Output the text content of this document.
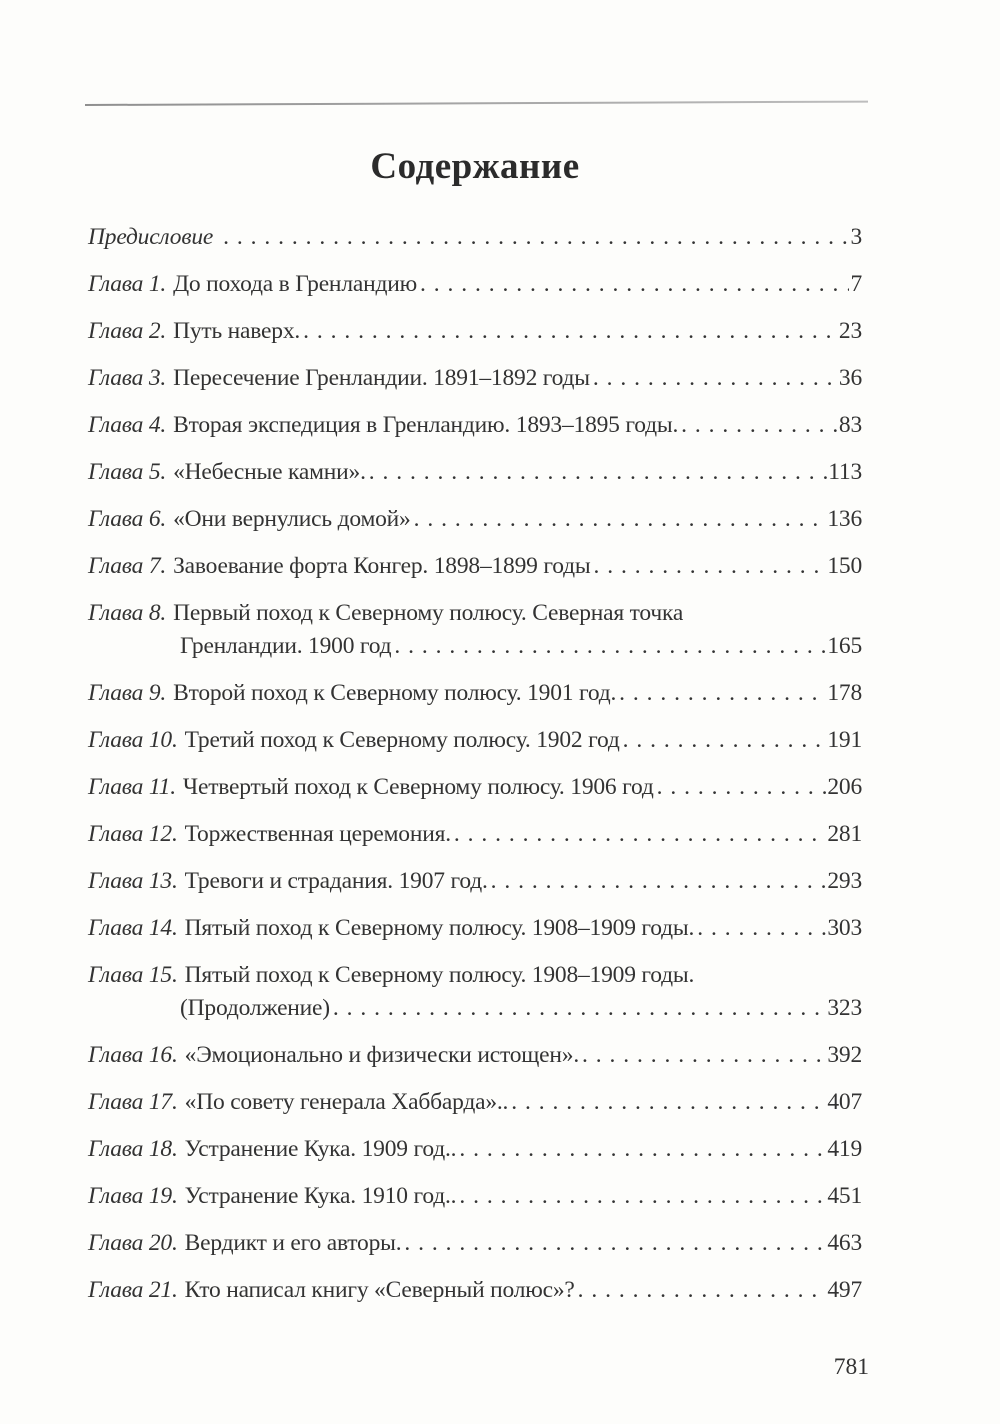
Содержание
Предисловие . . .	3
Глава 1. До похода в Гренландию . . .	7
Глава 2. Путь наверх. . . .	23
Глава 3. Пересечение Гренландии. 1891–1892 годы . . .	36
Глава 4. Вторая экспедиция в Гренландию. 1893–1895 годы. . . .	83
Глава 5. «Небесные камни». . . .	113
Глава 6. «Они вернулись домой» . . .	136
Глава 7. Завоевание форта Конгер. 1898–1899 годы . . .	150
Глава 8. Первый поход к Северному полюсу. Северная точка
Гренландии. 1900 год . . .	165
Глава 9. Второй поход к Северному полюсу. 1901 год. . . .	178
Глава 10. Третий поход к Северному полюсу. 1902 год . . .	191
Глава 11. Четвертый поход к Северному полюсу. 1906 год . . .	206
Глава 12. Торжественная церемония. . . .	281
Глава 13. Тревоги и страдания. 1907 год. . . .	293
Глава 14. Пятый поход к Северному полюсу. 1908–1909 годы. . . .	303
Глава 15. Пятый поход к Северному полюсу. 1908–1909 годы.
(Продолжение) . . .	323
Глава 16. «Эмоционально и физически истощен». . . .	392
Глава 17. «По совету генерала Хаббарда».. . . .	407
Глава 18. Устранение Кука. 1909 год.. . . .	419
Глава 19. Устранение Кука. 1910 год.. . . .	451
Глава 20. Вердикт и его авторы. . . .	463
Глава 21. Кто написал книгу «Северный полюс»? . . .	497
781
